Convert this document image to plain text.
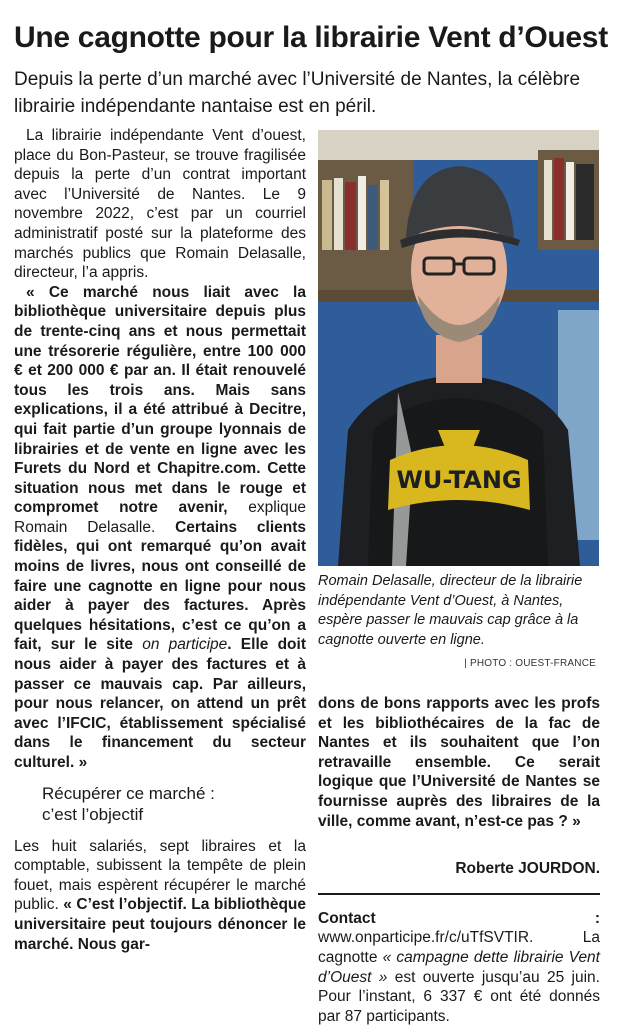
Une cagnotte pour la librairie Vent d’Ouest

Depuis la perte d’un marché avec l’Université de Nantes, la célèbre librairie indépendante nantaise est en péril.

La librairie indépendante Vent d’ouest, place du Bon-Pasteur, se trouve fragilisée depuis la perte d’un contrat important avec l’Université de Nantes. Le 9 novembre 2022, c’est par un courriel administratif posté sur la plateforme des marchés publics que Romain Delasalle, directeur, l’a appris.

« Ce marché nous liait avec la bibliothèque universitaire depuis plus de trente-cinq ans et nous permettait une trésorerie régulière, entre 100 000 € et 200 000 € par an. Il était renouvelé tous les trois ans. Mais sans explications, il a été attribué à Decitre, qui fait partie d’un groupe lyonnais de librairies et de vente en ligne avec les Furets du Nord et Chapitre.com. Cette situation nous met dans le rouge et compromet notre avenir, explique Romain Delasalle. Certains clients fidèles, qui ont remarqué qu’on avait moins de livres, nous ont conseillé de faire une cagnotte en ligne pour nous aider à payer des factures. Après quelques hésitations, c’est ce qu’on a fait, sur le site on participe. Elle doit nous aider à payer des factures et à passer ce mauvais cap. Par ailleurs, pour nous relancer, on attend un prêt avec l’IFCIC, établissement spécialisé dans le financement du secteur culturel. »

Récupérer ce marché :
c’est l’objectif

Les huit salariés, sept libraires et la comptable, subissent la tempête de plein fouet, mais espèrent récupérer le marché public. « C’est l’objectif. La bibliothèque universitaire peut toujours dénoncer le marché. Nous gar-

WU-TANG

Romain Delasalle, directeur de la librairie indépendante Vent d’Ouest, à Nantes, espère passer le mauvais cap grâce à la cagnotte ouverte en ligne.

| PHOTO : OUEST-FRANCE

dons de bons rapports avec les profs et les bibliothécaires de la fac de Nantes et ils souhaitent que l’on retravaille ensemble. Ce serait logique que l’Université de Nantes se fournisse auprès des libraires de la ville, comme avant, n’est-ce pas ? »

Roberte JOURDON.

Contact : www.onparticipe.fr/c/uTfSVTIR. La cagnotte « campagne dette librairie Vent d’Ouest » est ouverte jusqu’au 25 juin. Pour l’instant, 6 337 € ont été donnés par 87 participants.
